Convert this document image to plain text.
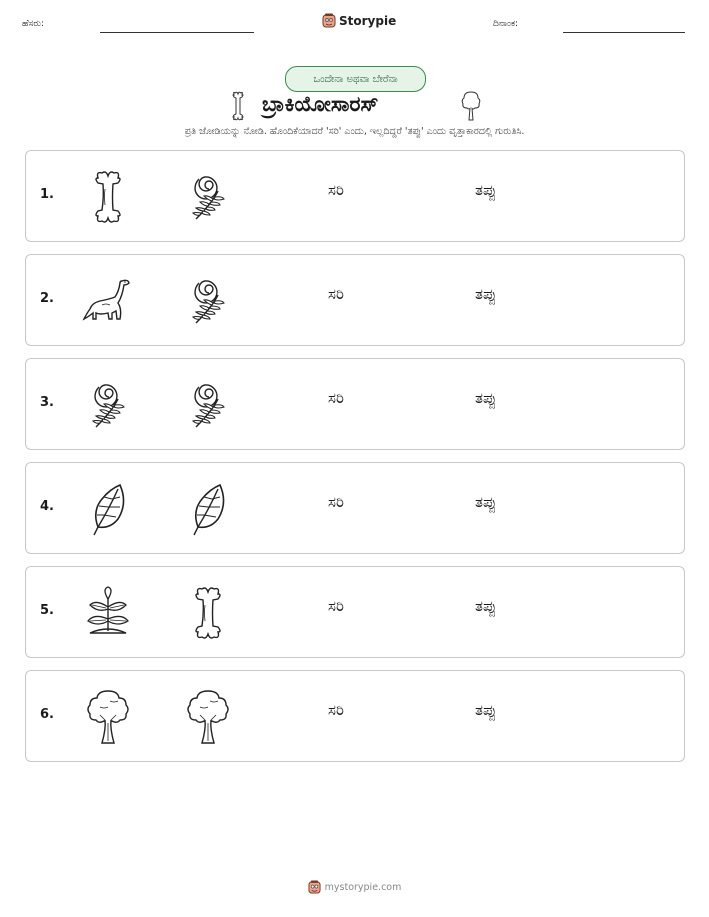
ಹೆಸರು:	Storypie	ದಿನಾಂಕ:
ಒಂದೇನಾ ಅಥವಾ ಬೇರೆನಾ
ಬ್ರಾಕಿಯೋಸಾರಸ್
ಪ್ರತಿ ಜೋಡಿಯನ್ನು ನೋಡಿ. ಹೊಂದಿಕೆಯಾದರೆ 'ಸರಿ' ಎಂದು, ಇಲ್ಲದಿದ್ದರೆ 'ತಪ್ಪು' ಎಂದು ವೃತ್ತಾಕಾರದಲ್ಲಿ ಗುರುತಿಸಿ.
1.	ಸರಿ	ತಪ್ಪು
2.	ಸರಿ	ತಪ್ಪು
3.	ಸರಿ	ತಪ್ಪು
4.	ಸರಿ	ತಪ್ಪು
5.	ಸರಿ	ತಪ್ಪು
6.	ಸರಿ	ತಪ್ಪು
mystorypie.com
